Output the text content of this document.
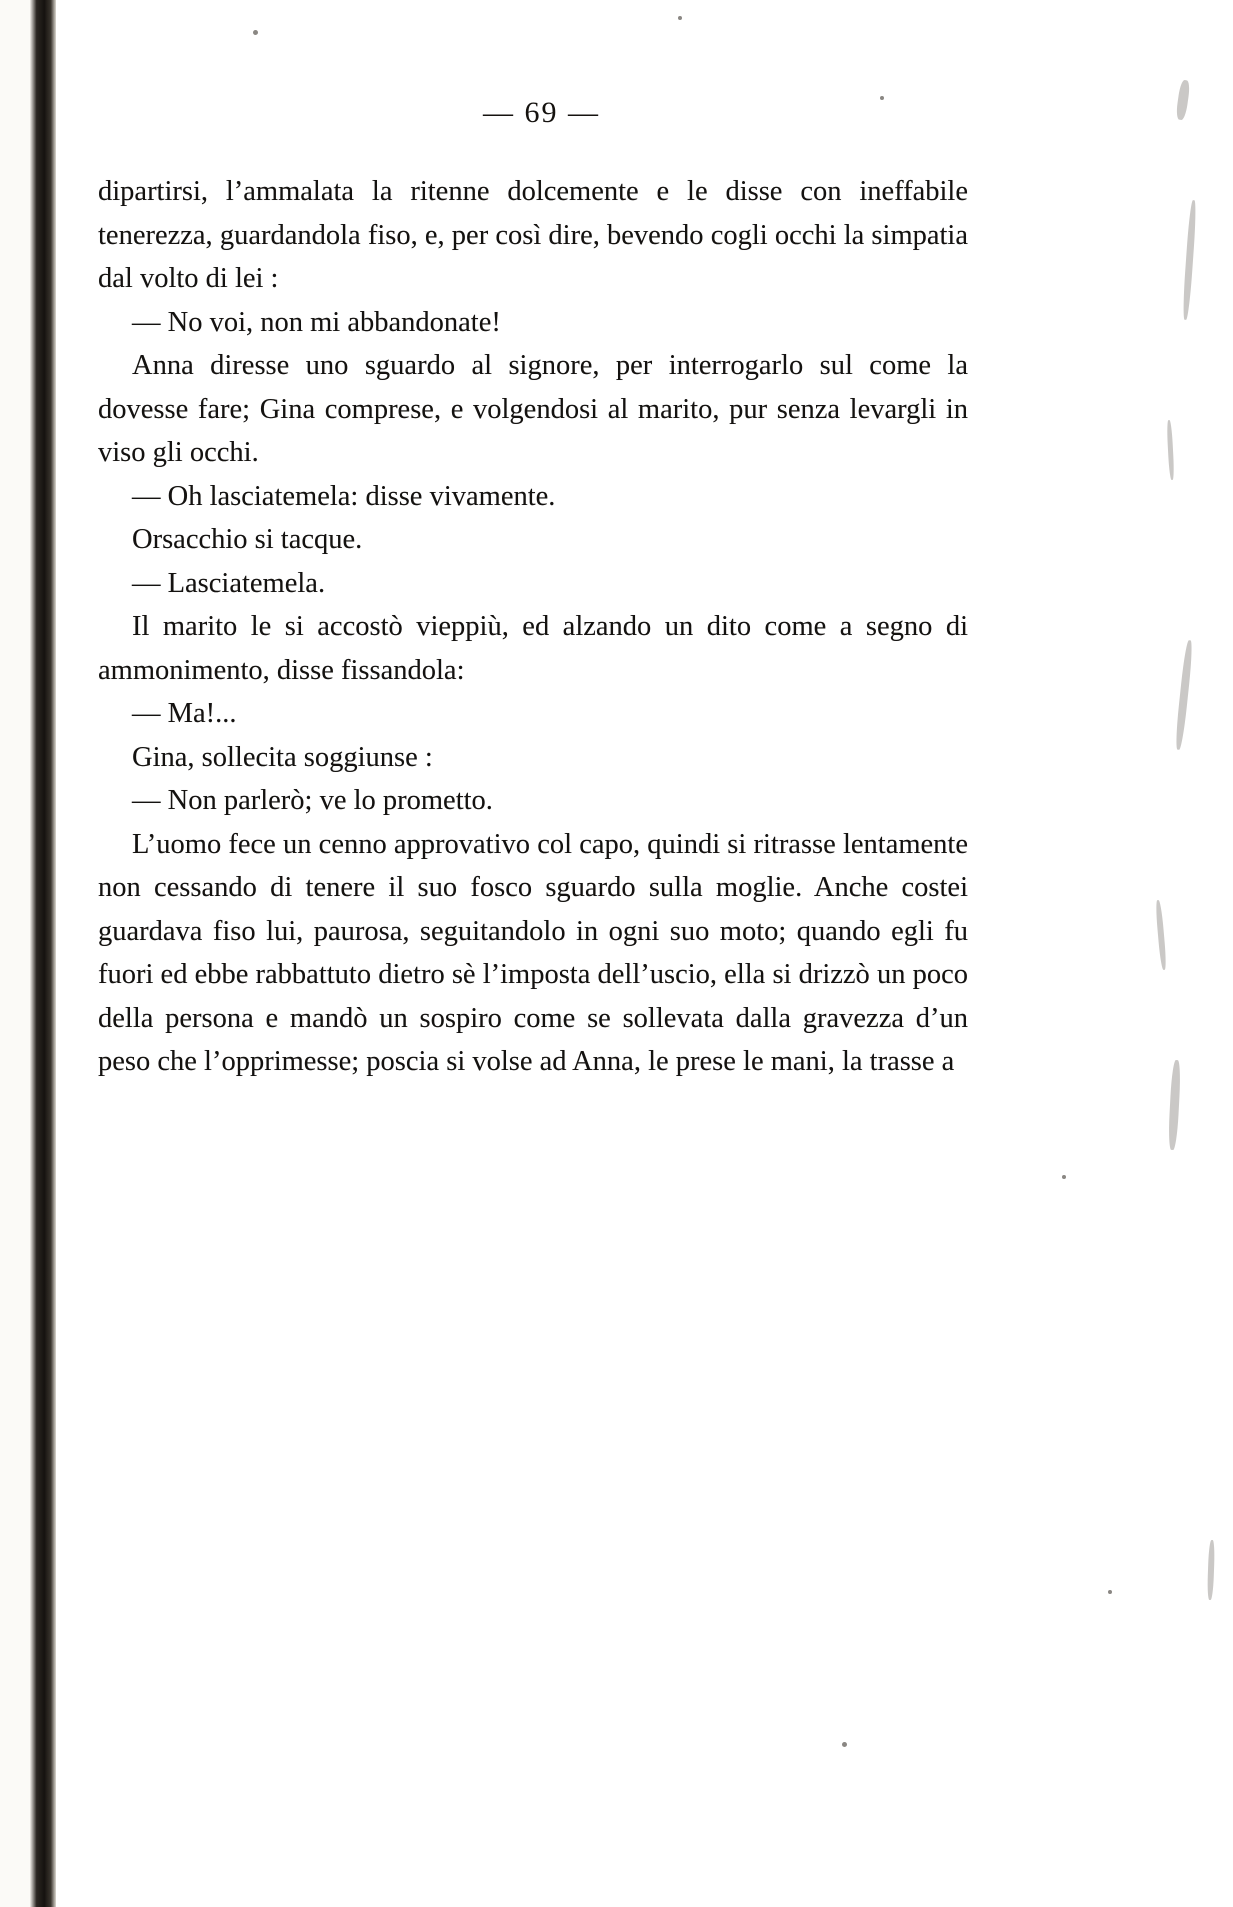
— 69 —

dipartirsi, l’ammalata la ritenne dolcemente e le disse con ineffabile tenerezza, guardandola fiso, e, per così dire, bevendo cogli occhi la simpatia dal volto di lei :

— No voi, non mi abbandonate!

Anna diresse uno sguardo al signore, per interrogarlo sul come la dovesse fare; Gina comprese, e volgendosi al marito, pur senza levargli in viso gli occhi.

— Oh lasciatemela: disse vivamente.

Orsacchio si tacque.

— Lasciatemela.

Il marito le si accostò vieppiù, ed alzando un dito come a segno di ammonimento, disse fissandola:

— Ma!...

Gina, sollecita soggiunse :

— Non parlerò; ve lo prometto.

L’uomo fece un cenno approvativo col capo, quindi si ritrasse lentamente non cessando di tenere il suo fosco sguardo sulla moglie. Anche costei guardava fiso lui, paurosa, seguitandolo in ogni suo moto; quando egli fu fuori ed ebbe rabbattuto dietro sè l’imposta dell’uscio, ella si drizzò un poco della persona e mandò un sospiro come se sollevata dalla gravezza d’un peso che l’opprimesse; poscia si volse ad Anna, le prese le mani, la trasse a
